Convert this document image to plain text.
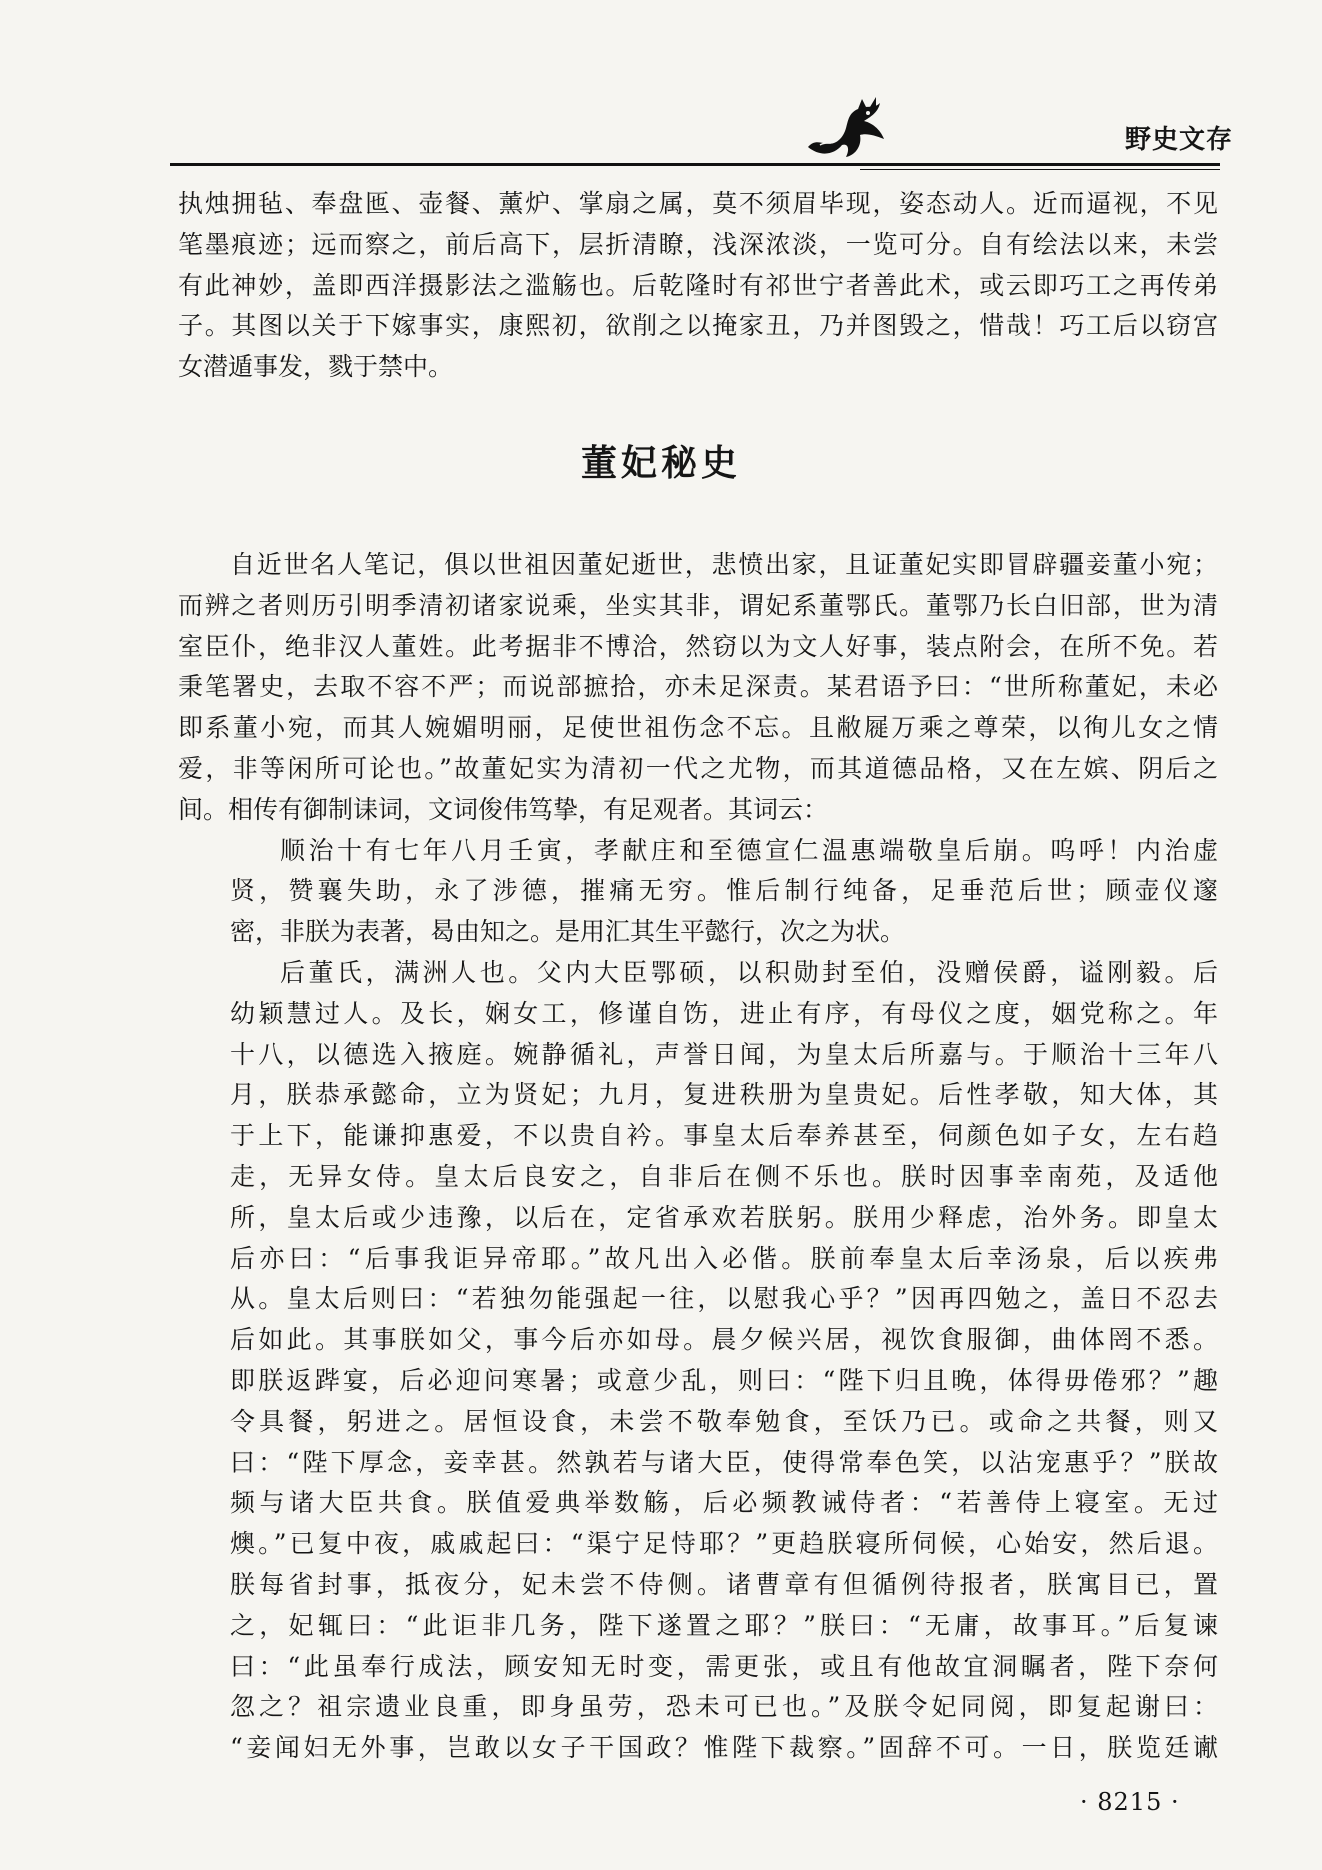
野史文存
执烛拥毡、奉盘匜、壶餐、薰炉、掌扇之属，莫不须眉毕现，姿态动人。近而逼视，不见
笔墨痕迹；远而察之，前后高下，层折清瞭，浅深浓淡，一览可分。自有绘法以来，未尝
有此神妙，盖即西洋摄影法之滥觞也。后乾隆时有祁世宁者善此术，或云即巧工之再传弟
子。其图以关于下嫁事实，康熙初，欲削之以掩家丑，乃并图毁之，惜哉！巧工后以窃宫
女潜遁事发，戮于禁中。
董妃秘史
自近世名人笔记，俱以世祖因董妃逝世，悲愤出家，且证董妃实即冒辟疆妾董小宛；
而辨之者则历引明季清初诸家说乘，坐实其非，谓妃系董鄂氏。董鄂乃长白旧部，世为清
室臣仆，绝非汉人董姓。此考据非不博洽，然窃以为文人好事，装点附会，在所不免。若
秉笔署史，去取不容不严；而说部摭拾，亦未足深责。某君语予曰：“世所称董妃，未必
即系董小宛，而其人婉媚明丽，足使世祖伤念不忘。且敝屣万乘之尊荣，以徇儿女之情
爱，非等闲所可论也。”故董妃实为清初一代之尤物，而其道德品格，又在左嫔、阴后之
间。相传有御制诔词，文词俊伟笃挚，有足观者。其词云：
顺治十有七年八月壬寅，孝献庄和至德宣仁温惠端敬皇后崩。呜呼！内治虚
贤，赞襄失助，永了涉德，摧痛无穷。惟后制行纯备，足垂范后世；顾壶仪邃
密，非朕为表著，曷由知之。是用汇其生平懿行，次之为状。
后董氏，满洲人也。父内大臣鄂硕，以积勋封至伯，没赠侯爵，谥刚毅。后
幼颖慧过人。及长，娴女工，修谨自饬，进止有序，有母仪之度，姻党称之。年
十八，以德选入掖庭。婉静循礼，声誉日闻，为皇太后所嘉与。于顺治十三年八
月，朕恭承懿命，立为贤妃；九月，复进秩册为皇贵妃。后性孝敬，知大体，其
于上下，能谦抑惠爱，不以贵自衿。事皇太后奉养甚至，伺颜色如子女，左右趋
走，无异女侍。皇太后良安之，自非后在侧不乐也。朕时因事幸南苑，及适他
所，皇太后或少违豫，以后在，定省承欢若朕躬。朕用少释虑，治外务。即皇太
后亦曰：“后事我讵异帝耶。”故凡出入必偕。朕前奉皇太后幸汤泉，后以疾弗
从。皇太后则曰：“若独勿能强起一往，以慰我心乎？”因再四勉之，盖日不忍去
后如此。其事朕如父，事今后亦如母。晨夕候兴居，视饮食服御，曲体罔不悉。
即朕返跸宴，后必迎问寒暑；或意少乱，则曰：“陛下归且晚，体得毋倦邪？”趣
令具餐，躬进之。居恒设食，未尝不敬奉勉食，至饫乃已。或命之共餐，则又
曰：“陛下厚念，妾幸甚。然孰若与诸大臣，使得常奉色笑，以沾宠惠乎？”朕故
频与诸大臣共食。朕值爱典举数觞，后必频教诫侍者：“若善侍上寝室。无过
燠。”已复中夜，戚戚起曰：“渠宁足恃耶？”更趋朕寝所伺候，心始安，然后退。
朕每省封事，抵夜分，妃未尝不侍侧。诸曹章有但循例待报者，朕寓目已，置
之，妃辄曰：“此讵非几务，陛下遂置之耶？”朕曰：“无庸，故事耳。”后复谏
曰：“此虽奉行成法，顾安知无时变，需更张，或且有他故宜洞瞩者，陛下奈何
忽之？祖宗遗业良重，即身虽劳，恐未可已也。”及朕令妃同阅，即复起谢曰：
“妾闻妇无外事，岂敢以女子干国政？惟陛下裁察。”固辞不可。一日，朕览廷谳
· 8215 ·
